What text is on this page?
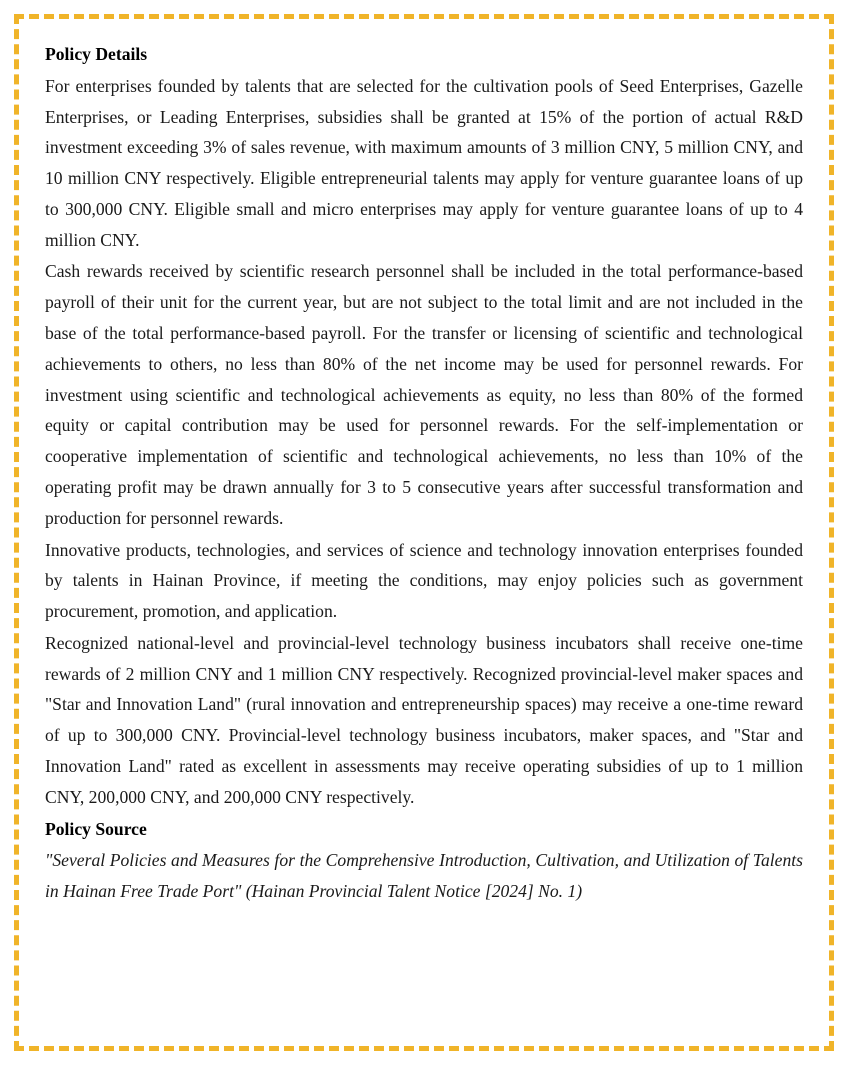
Policy Details

For enterprises founded by talents that are selected for the cultivation pools of Seed Enterprises, Gazelle Enterprises, or Leading Enterprises, subsidies shall be granted at 15% of the portion of actual R&D investment exceeding 3% of sales revenue, with maximum amounts of 3 million CNY, 5 million CNY, and 10 million CNY respectively. Eligible entrepreneurial talents may apply for venture guarantee loans of up to 300,000 CNY. Eligible small and micro enterprises may apply for venture guarantee loans of up to 4 million CNY.

Cash rewards received by scientific research personnel shall be included in the total performance-based payroll of their unit for the current year, but are not subject to the total limit and are not included in the base of the total performance-based payroll. For the transfer or licensing of scientific and technological achievements to others, no less than 80% of the net income may be used for personnel rewards. For investment using scientific and technological achievements as equity, no less than 80% of the formed equity or capital contribution may be used for personnel rewards. For the self-implementation or cooperative implementation of scientific and technological achievements, no less than 10% of the operating profit may be drawn annually for 3 to 5 consecutive years after successful transformation and production for personnel rewards.

Innovative products, technologies, and services of science and technology innovation enterprises founded by talents in Hainan Province, if meeting the conditions, may enjoy policies such as government procurement, promotion, and application.

Recognized national-level and provincial-level technology business incubators shall receive one-time rewards of 2 million CNY and 1 million CNY respectively. Recognized provincial-level maker spaces and "Star and Innovation Land" (rural innovation and entrepreneurship spaces) may receive a one-time reward of up to 300,000 CNY. Provincial-level technology business incubators, maker spaces, and "Star and Innovation Land" rated as excellent in assessments may receive operating subsidies of up to 1 million CNY, 200,000 CNY, and 200,000 CNY respectively.

Policy Source

"Several Policies and Measures for the Comprehensive Introduction, Cultivation, and Utilization of Talents in Hainan Free Trade Port" (Hainan Provincial Talent Notice [2024] No. 1)
